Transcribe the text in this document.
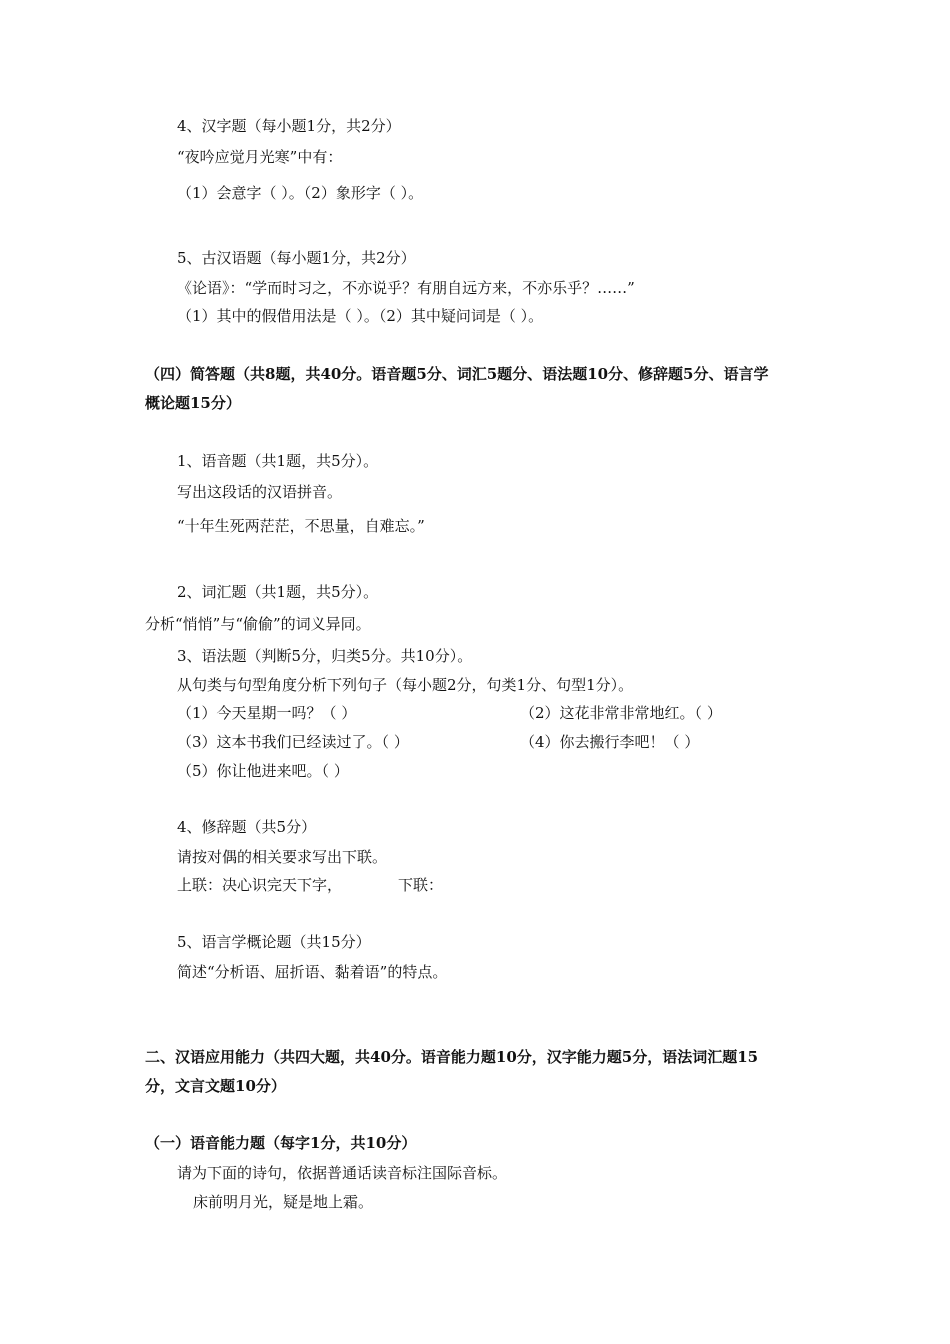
4、汉字题（每小题1分，共2分）
“夜吟应觉月光寒”中有：
（1）会意字（ ）。（2）象形字（ ）。
5、古汉语题（每小题1分，共2分）
《论语》：“学而时习之，不亦说乎？有朋自远方来，不亦乐乎？……”
（1）其中的假借用法是（ ）。（2）其中疑问词是（ ）。
（四）简答题（共8题，共40分。语音题5分、词汇5题分、语法题10分、修辞题5分、语言学
概论题15分）
1、语音题（共1题，共5分）。
写出这段话的汉语拼音。
“十年生死两茫茫，不思量，自难忘。”
2、词汇题（共1题，共5分）。
分析“悄悄”与“偷偷”的词义异同。
3、语法题（判断5分，归类5分。共10分）。
从句类与句型角度分析下列句子（每小题2分，句类1分、句型1分）。
（1）今天星期一吗？（ ）	（2）这花非常非常地红。（ ）
（3）这本书我们已经读过了。（ ）	（4）你去搬行李吧！（ ）
（5）你让他进来吧。（ ）
4、修辞题（共5分）
请按对偶的相关要求写出下联。
上联：决心识完天下字，	下联：
5、语言学概论题（共15分）
简述“分析语、屈折语、黏着语”的特点。
二、汉语应用能力（共四大题，共40分。语音能力题10分，汉字能力题5分，语法词汇题15
分，文言文题10分）
（一）语音能力题（每字1分，共10分）
请为下面的诗句，依据普通话读音标注国际音标。
床前明月光，疑是地上霜。
